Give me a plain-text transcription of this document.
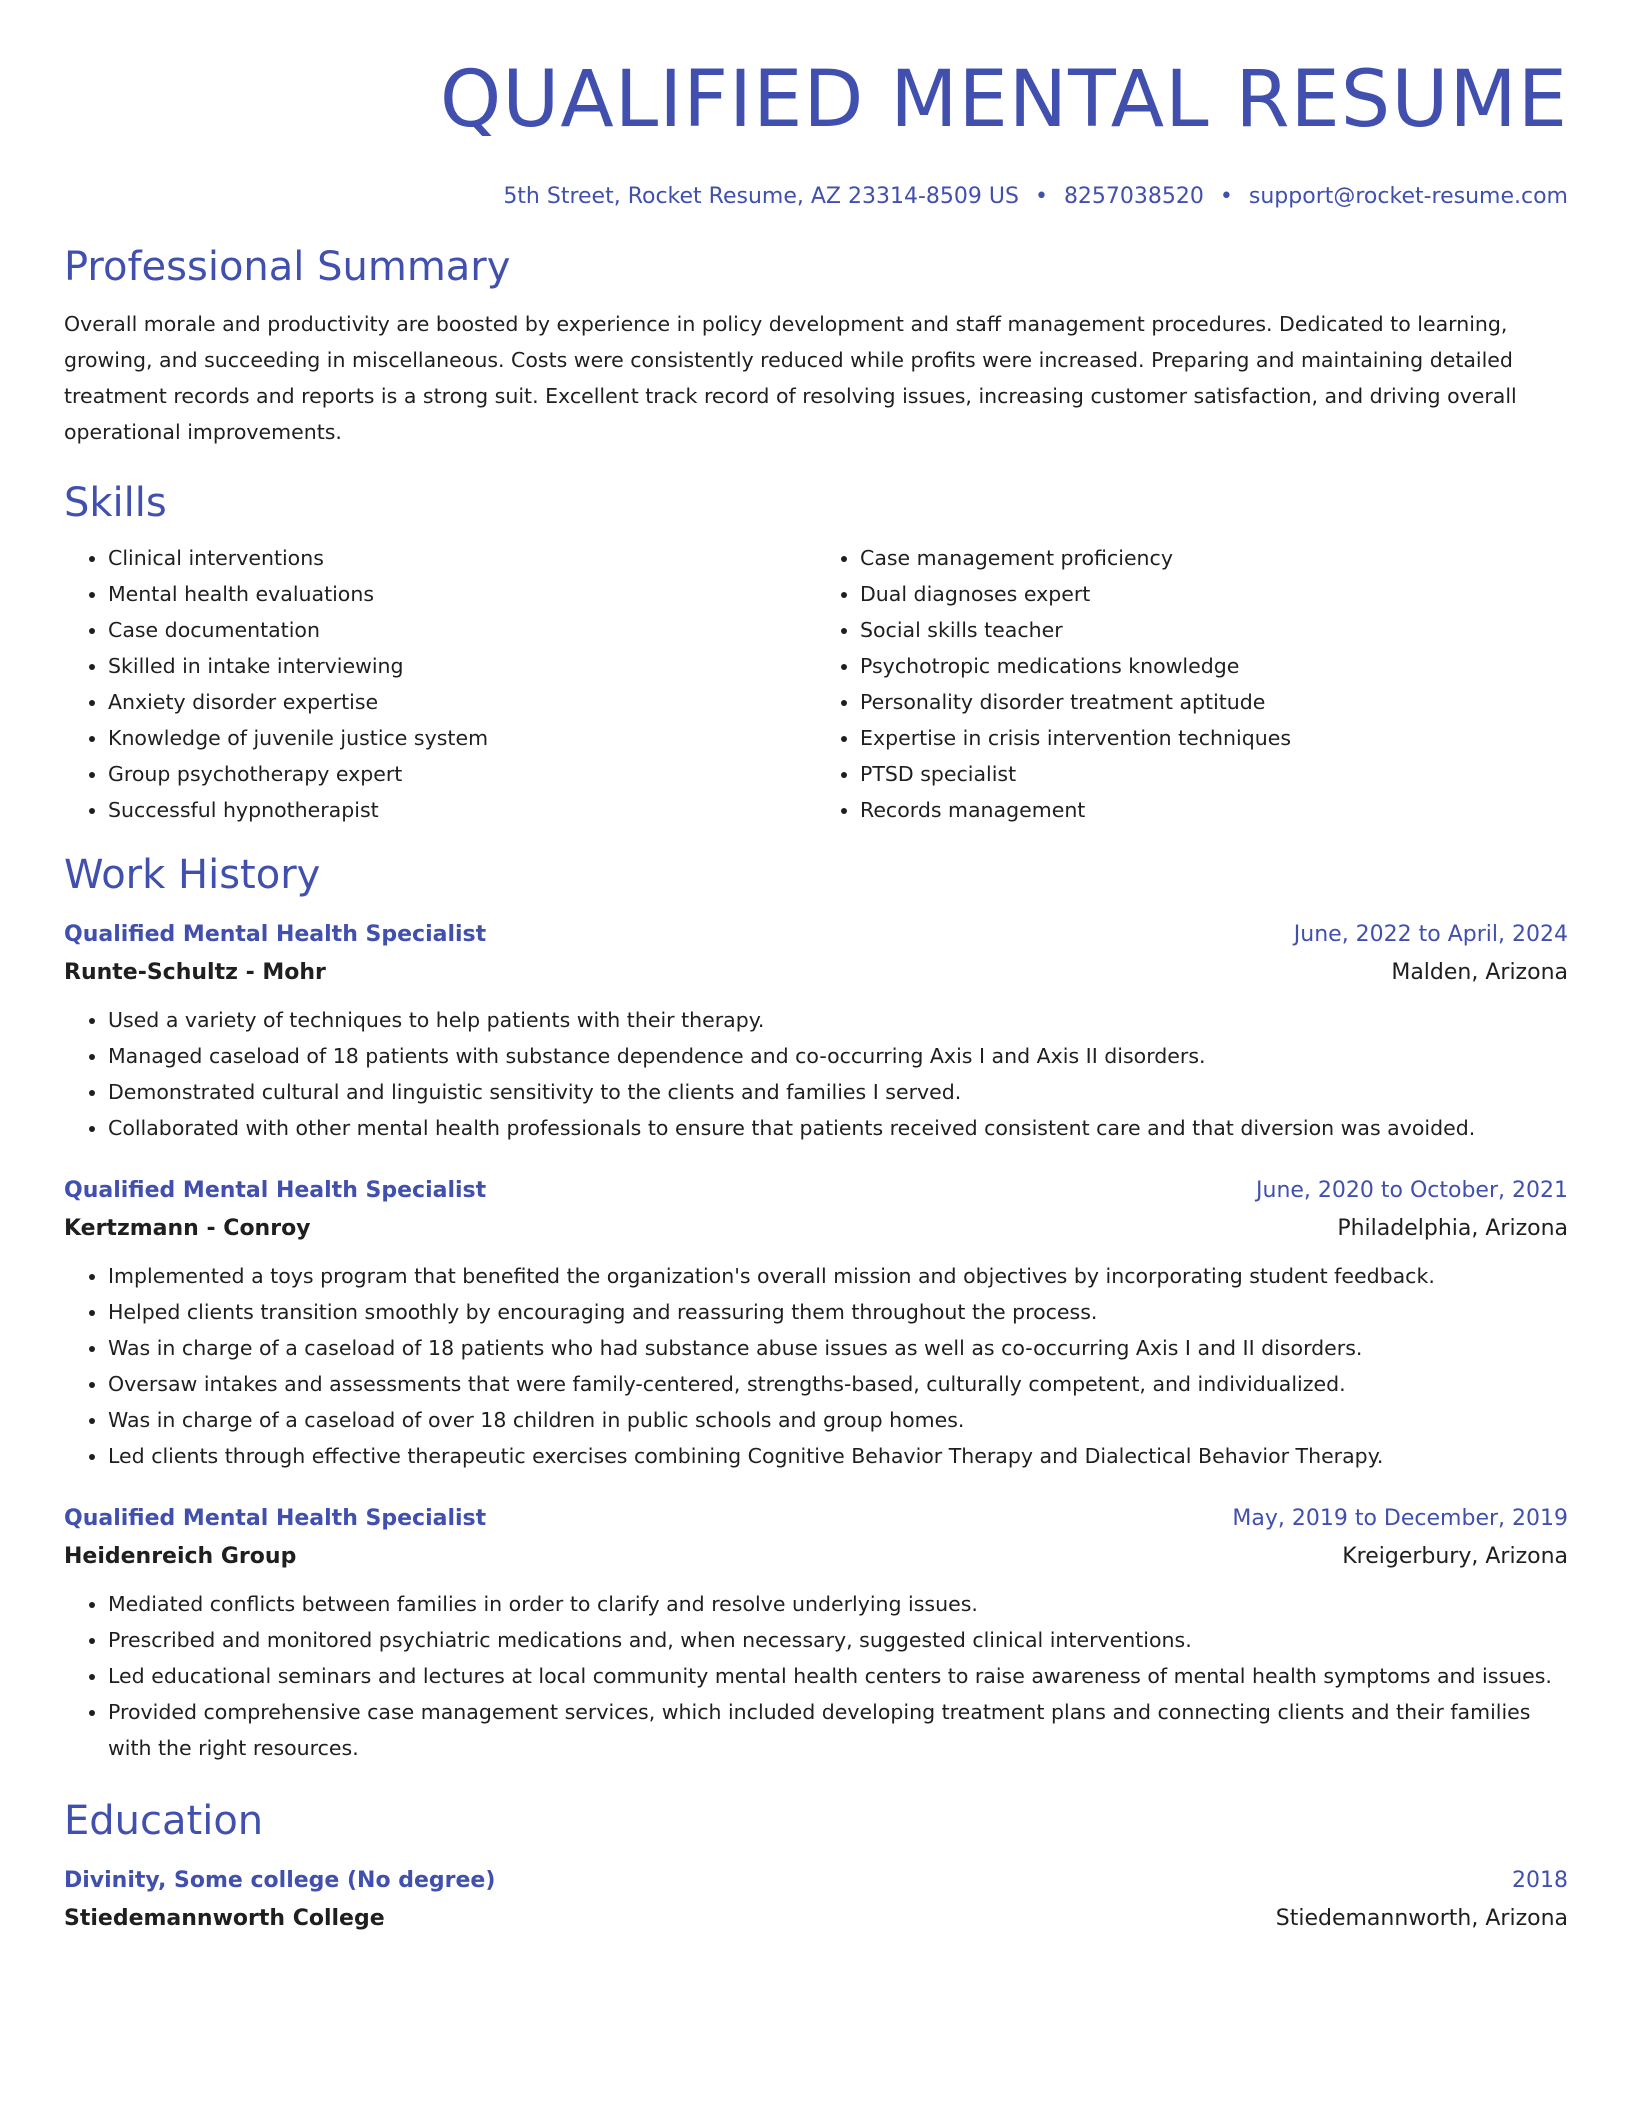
QUALIFIED MENTAL RESUME
5th Street, Rocket Resume, AZ 23314-8509 US • 8257038520 • support@rocket-resume.com
Professional Summary
Overall morale and productivity are boosted by experience in policy development and staff management procedures. Dedicated to learning, growing, and succeeding in miscellaneous. Costs were consistently reduced while profits were increased. Preparing and maintaining detailed treatment records and reports is a strong suit. Excellent track record of resolving issues, increasing customer satisfaction, and driving overall operational improvements.
Skills
• Clinical interventions
• Mental health evaluations
• Case documentation
• Skilled in intake interviewing
• Anxiety disorder expertise
• Knowledge of juvenile justice system
• Group psychotherapy expert
• Successful hypnotherapist
• Case management proficiency
• Dual diagnoses expert
• Social skills teacher
• Psychotropic medications knowledge
• Personality disorder treatment aptitude
• Expertise in crisis intervention techniques
• PTSD specialist
• Records management
Work History
Qualified Mental Health Specialist	June, 2022 to April, 2024
Runte-Schultz - Mohr	Malden, Arizona
• Used a variety of techniques to help patients with their therapy.
• Managed caseload of 18 patients with substance dependence and co-occurring Axis I and Axis II disorders.
• Demonstrated cultural and linguistic sensitivity to the clients and families I served.
• Collaborated with other mental health professionals to ensure that patients received consistent care and that diversion was avoided.
Qualified Mental Health Specialist	June, 2020 to October, 2021
Kertzmann - Conroy	Philadelphia, Arizona
• Implemented a toys program that benefited the organization's overall mission and objectives by incorporating student feedback.
• Helped clients transition smoothly by encouraging and reassuring them throughout the process.
• Was in charge of a caseload of 18 patients who had substance abuse issues as well as co-occurring Axis I and II disorders.
• Oversaw intakes and assessments that were family-centered, strengths-based, culturally competent, and individualized.
• Was in charge of a caseload of over 18 children in public schools and group homes.
• Led clients through effective therapeutic exercises combining Cognitive Behavior Therapy and Dialectical Behavior Therapy.
Qualified Mental Health Specialist	May, 2019 to December, 2019
Heidenreich Group	Kreigerbury, Arizona
• Mediated conflicts between families in order to clarify and resolve underlying issues.
• Prescribed and monitored psychiatric medications and, when necessary, suggested clinical interventions.
• Led educational seminars and lectures at local community mental health centers to raise awareness of mental health symptoms and issues.
• Provided comprehensive case management services, which included developing treatment plans and connecting clients and their families with the right resources.
Education
Divinity, Some college (No degree)	2018
Stiedemannworth College	Stiedemannworth, Arizona
